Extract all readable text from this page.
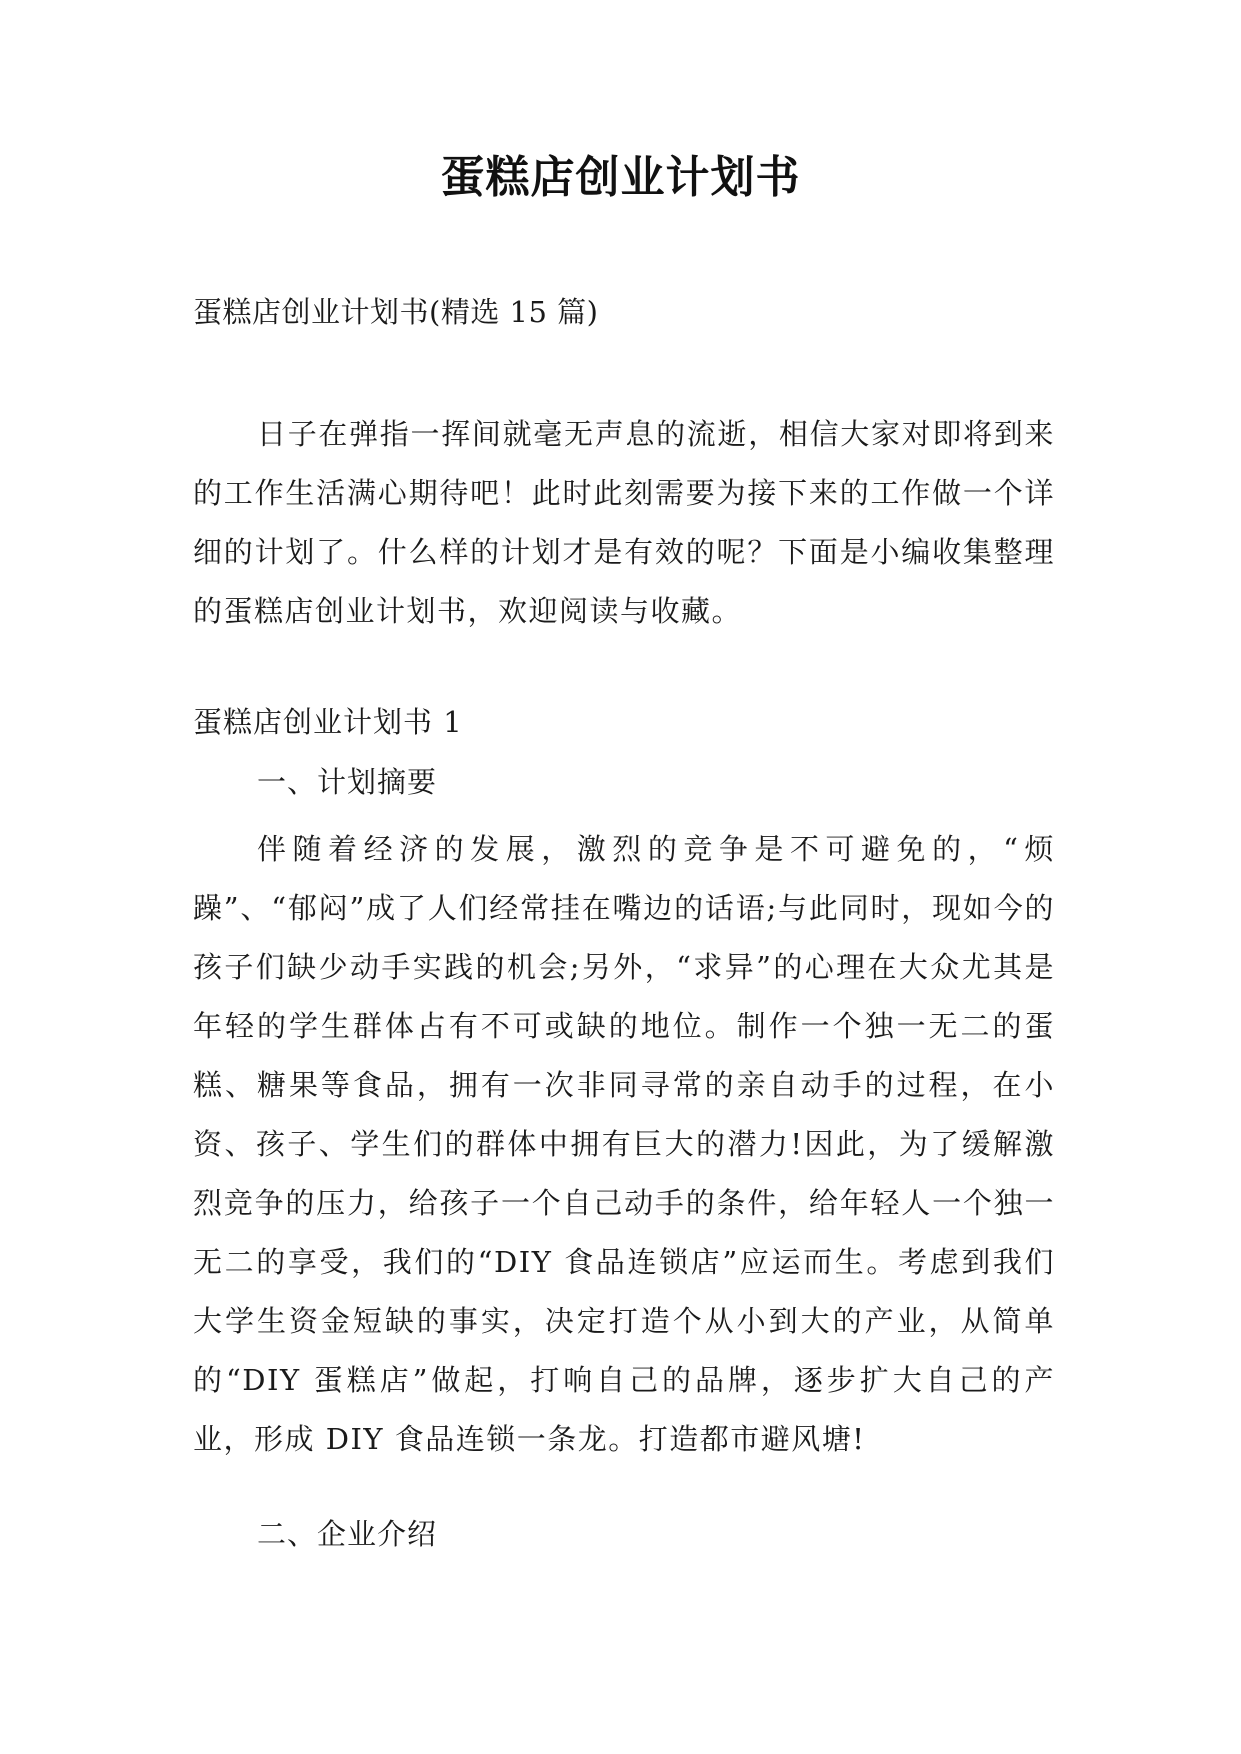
蛋糕店创业计划书
蛋糕店创业计划书(精选 15 篇)
日子在弹指一挥间就毫无声息的流逝，相信大家对即将到来的工作生活满心期待吧！此时此刻需要为接下来的工作做一个详细的计划了。什么样的计划才是有效的呢？下面是小编收集整理的蛋糕店创业计划书，欢迎阅读与收藏。
蛋糕店创业计划书 1
一、计划摘要
伴随着经济的发展，激烈的竞争是不可避免的，“烦躁”、“郁闷”成了人们经常挂在嘴边的话语;与此同时，现如今的孩子们缺少动手实践的机会;另外，“求异”的心理在大众尤其是年轻的学生群体占有不可或缺的地位。制作一个独一无二的蛋糕、糖果等食品，拥有一次非同寻常的亲自动手的过程，在小资、孩子、学生们的群体中拥有巨大的潜力!因此，为了缓解激烈竞争的压力，给孩子一个自己动手的条件，给年轻人一个独一无二的享受，我们的“DIY 食品连锁店”应运而生。考虑到我们大学生资金短缺的事实，决定打造个从小到大的产业，从简单的“DIY 蛋糕店”做起，打响自己的品牌，逐步扩大自己的产业，形成 DIY 食品连锁一条龙。打造都市避风塘!
二、企业介绍
